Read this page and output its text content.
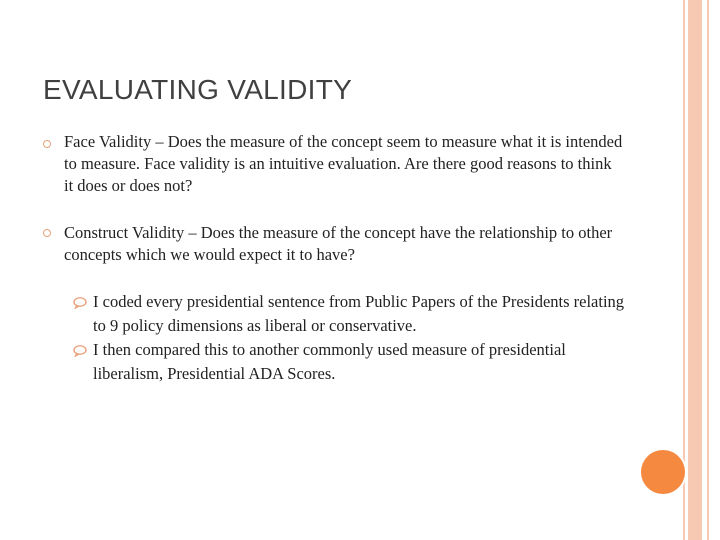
EVALUATING VALIDITY
Face Validity – Does the measure of the concept seem to measure what it is intended to measure. Face validity is an intuitive evaluation. Are there good reasons to think it does or does not?
Construct Validity – Does the measure of the concept have the relationship to other concepts which we would expect it to have?
I coded every presidential sentence from Public Papers of the Presidents relating to 9 policy dimensions as liberal or conservative.
I then compared this to another commonly used measure of presidential liberalism, Presidential ADA Scores.
